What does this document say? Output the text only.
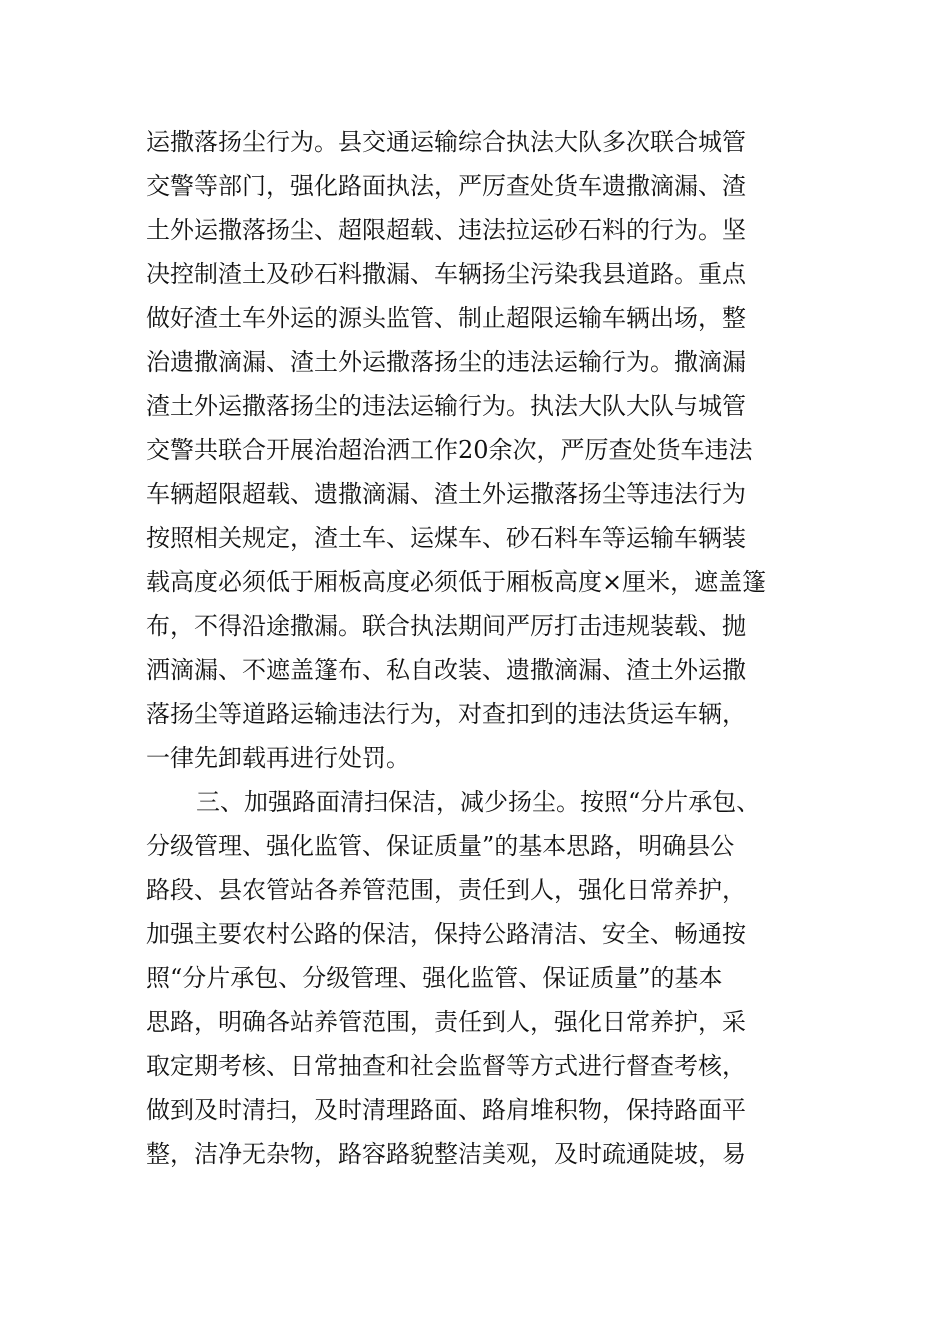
运撒落扬尘行为。县交通运输综合执法大队多次联合城管
交警等部门，强化路面执法，严厉查处货车遗撒滴漏、渣
土外运撒落扬尘、超限超载、违法拉运砂石料的行为。坚
决控制渣土及砂石料撒漏、车辆扬尘污染我县道路。重点
做好渣土车外运的源头监管、制止超限运输车辆出场，整
治遗撒滴漏、渣土外运撒落扬尘的违法运输行为。撒滴漏
渣土外运撒落扬尘的违法运输行为。执法大队大队与城管
交警共联合开展治超治洒工作20余次，严厉查处货车违法
车辆超限超载、遗撒滴漏、渣土外运撒落扬尘等违法行为
按照相关规定，渣土车、运煤车、砂石料车等运输车辆装
载高度必须低于厢板高度必须低于厢板高度×厘米，遮盖篷
布，不得沿途撒漏。联合执法期间严厉打击违规装载、抛
洒滴漏、不遮盖篷布、私自改装、遗撒滴漏、渣土外运撒
落扬尘等道路运输违法行为，对查扣到的违法货运车辆，
一律先卸载再进行处罚。
三、加强路面清扫保洁，减少扬尘。按照“分片承包、
分级管理、强化监管、保证质量”的基本思路，明确县公
路段、县农管站各养管范围，责任到人，强化日常养护，
加强主要农村公路的保洁，保持公路清洁、安全、畅通按
照“分片承包、分级管理、强化监管、保证质量”的基本
思路，明确各站养管范围，责任到人，强化日常养护，采
取定期考核、日常抽查和社会监督等方式进行督查考核，
做到及时清扫，及时清理路面、路肩堆积物，保持路面平
整，洁净无杂物，路容路貌整洁美观，及时疏通陡坡，易
